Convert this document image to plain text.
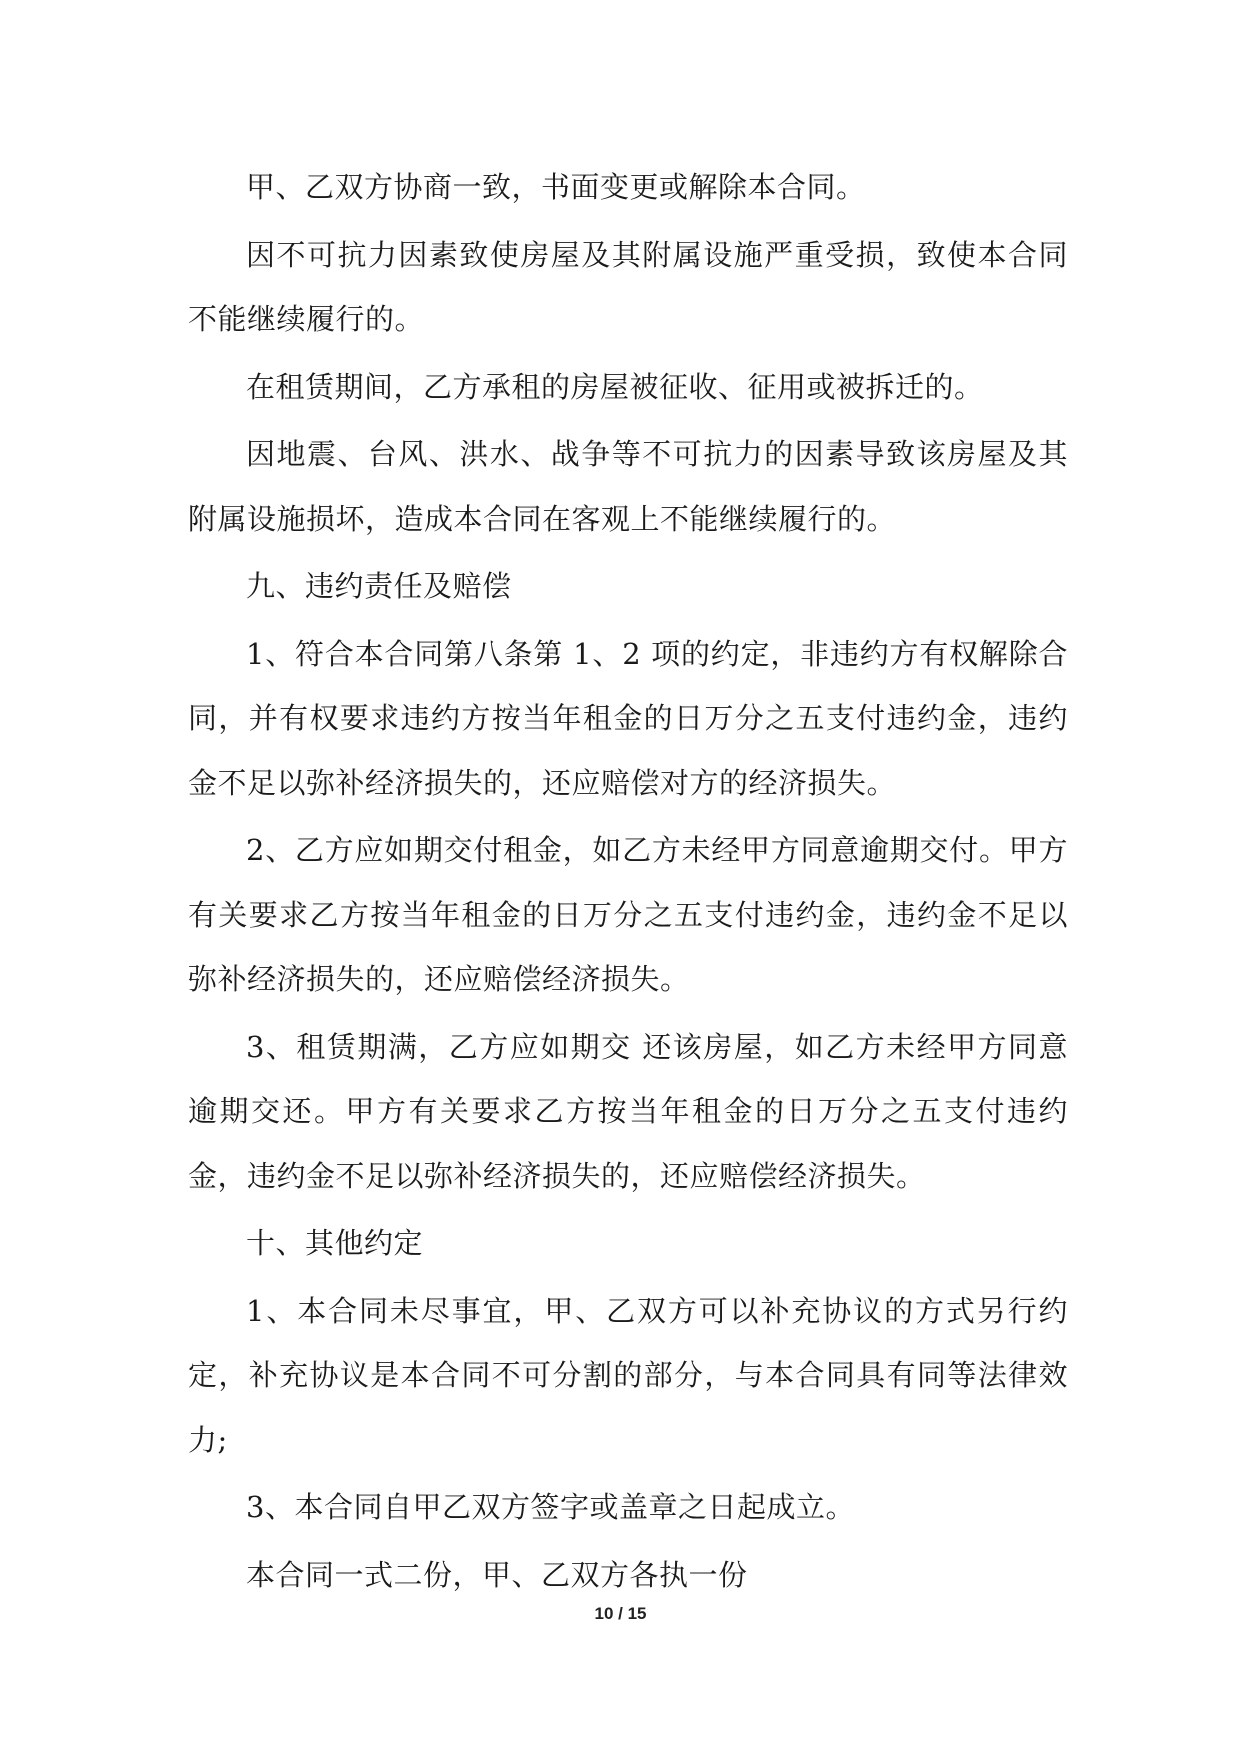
甲、乙双方协商一致，书面变更或解除本合同。

因不可抗力因素致使房屋及其附属设施严重受损，致使本合同不能继续履行的。

在租赁期间，乙方承租的房屋被征收、征用或被拆迁的。

因地震、台风、洪水、战争等不可抗力的因素导致该房屋及其附属设施损坏，造成本合同在客观上不能继续履行的。

九、违约责任及赔偿

1、符合本合同第八条第 1、2 项的约定，非违约方有权解除合同，并有权要求违约方按当年租金的日万分之五支付违约金，违约金不足以弥补经济损失的，还应赔偿对方的经济损失。

2、乙方应如期交付租金，如乙方未经甲方同意逾期交付。甲方有关要求乙方按当年租金的日万分之五支付违约金，违约金不足以弥补经济损失的，还应赔偿经济损失。

3、租赁期满，乙方应如期交 还该房屋，如乙方未经甲方同意逾期交还。甲方有关要求乙方按当年租金的日万分之五支付违约金，违约金不足以弥补经济损失的，还应赔偿经济损失。

十、其他约定

1、本合同未尽事宜，甲、乙双方可以补充协议的方式另行约定，补充协议是本合同不可分割的部分，与本合同具有同等法律效力;

3、本合同自甲乙双方签字或盖章之日起成立。

本合同一式二份，甲、乙双方各执一份

10 / 15
